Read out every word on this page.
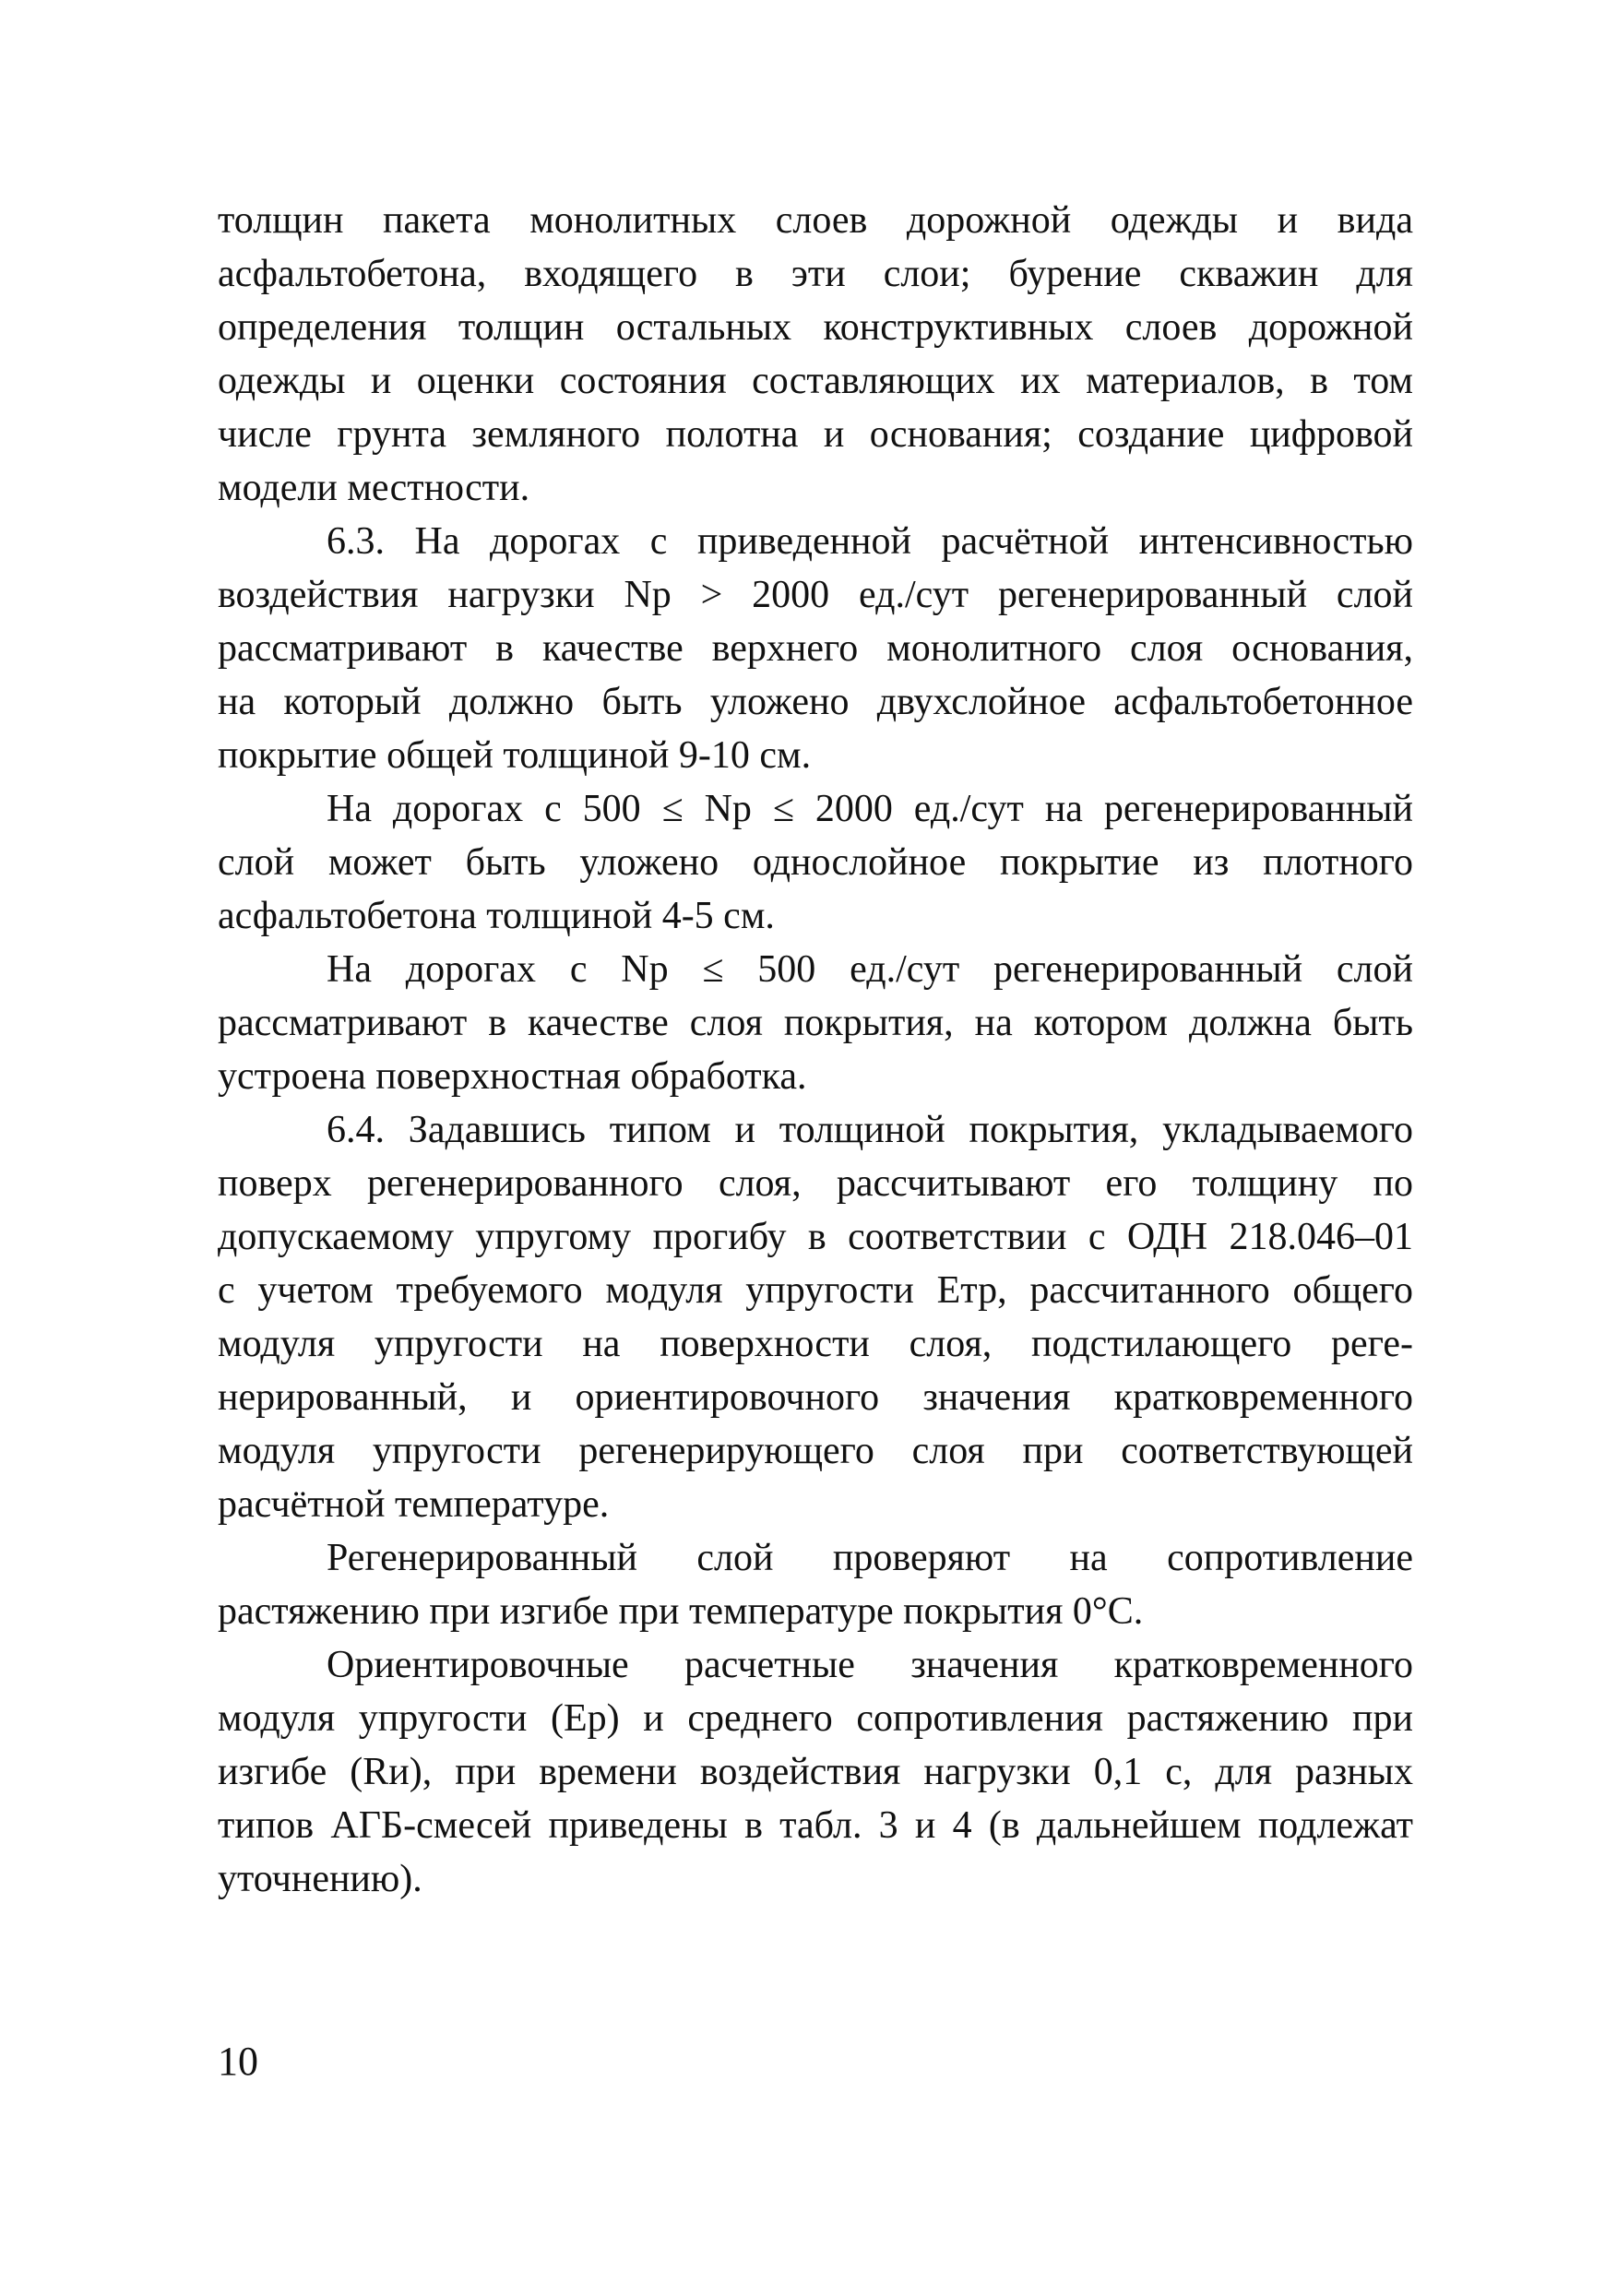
толщин пакета монолитных слоев дорожной одежды и вида
асфальтобетона, входящего в эти слои; бурение скважин для
определения толщин остальных конструктивных слоев дорожной
одежды и оценки состояния составляющих их материалов, в том
числе грунта земляного полотна и основания; создание цифровой
модели местности.

6.3. На дорогах с приведенной расчётной интенсивностью
воздействия нагрузки Np > 2000 ед./сут регенерированный слой
рассматривают в качестве верхнего монолитного слоя основания,
на который должно быть уложено двухслойное асфальтобетонное
покрытие общей толщиной 9-10 см.

На дорогах с 500 ≤ Np ≤ 2000 ед./сут на регенерированный
слой может быть уложено однослойное покрытие из плотного
асфальтобетона толщиной 4-5 см.

На дорогах с Np ≤ 500 ед./сут регенерированный слой
рассматривают в качестве слоя покрытия, на котором должна быть
устроена поверхностная обработка.

6.4. Задавшись типом и толщиной покрытия, укладываемого
поверх регенерированного слоя, рассчитывают его толщину по
допускаемому упругому прогибу в соответствии с ОДН 218.046–01
с учетом требуемого модуля упругости Етр, рассчитанного общего
модуля упругости на поверхности слоя, подстилающего реге-
нерированный, и ориентировочного значения кратковременного
модуля упругости регенерирующего слоя при соответствующей
расчётной температуре.

Регенерированный слой проверяют на сопротивление
растяжению при изгибе при температуре покрытия 0°С.

Ориентировочные расчетные значения кратковременного
модуля упругости (Ер) и среднего сопротивления растяжению при
изгибе (Rи), при времени воздействия нагрузки 0,1 с, для разных
типов АГБ-смесей приведены в табл. 3 и 4 (в дальнейшем подлежат
уточнению).

10
